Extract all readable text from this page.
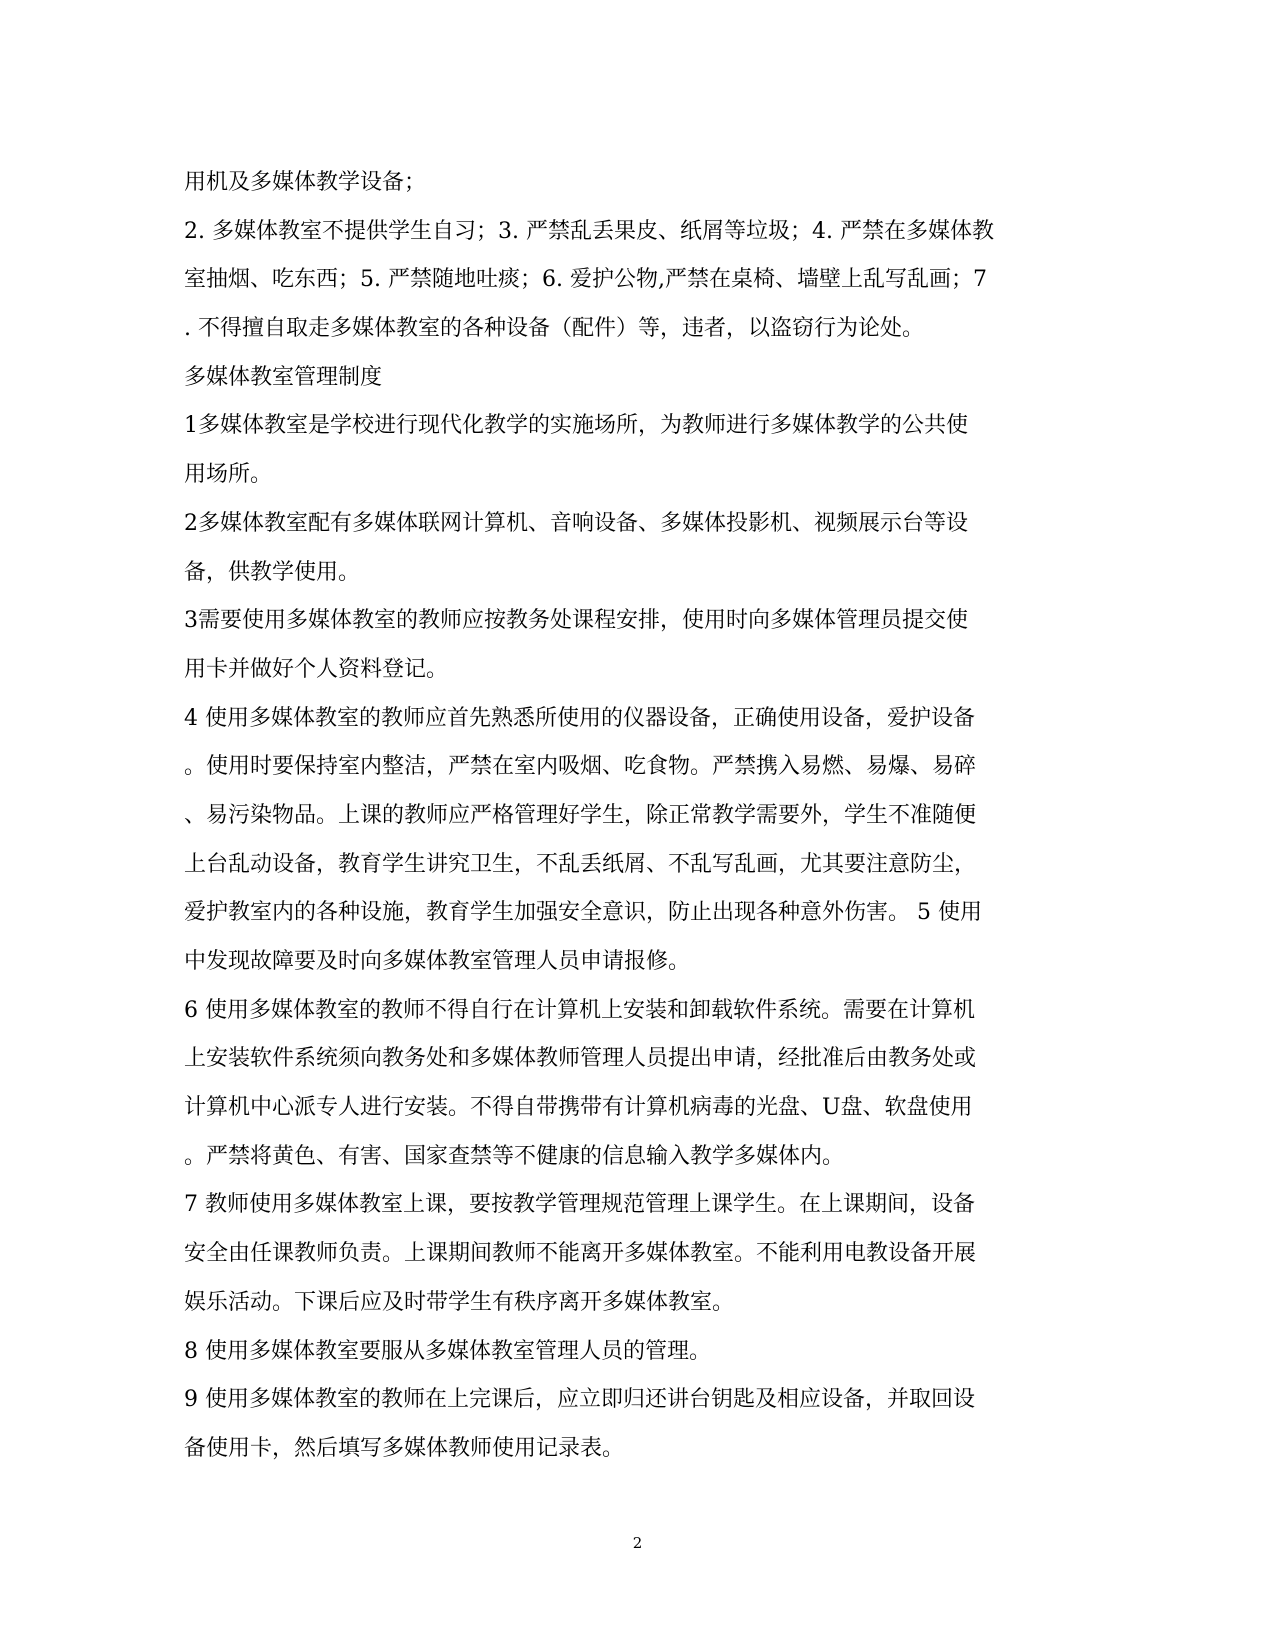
用机及多媒体教学设备；
2. 多媒体教室不提供学生自习；3. 严禁乱丢果皮、纸屑等垃圾；4. 严禁在多媒体教
室抽烟、吃东西；5. 严禁随地吐痰；6. 爱护公物,严禁在桌椅、墙壁上乱写乱画；7
. 不得擅自取走多媒体教室的各种设备（配件）等，违者，以盗窃行为论处。
多媒体教室管理制度
1多媒体教室是学校进行现代化教学的实施场所，为教师进行多媒体教学的公共使
用场所。
2多媒体教室配有多媒体联网计算机、音响设备、多媒体投影机、视频展示台等设
备，供教学使用。
3需要使用多媒体教室的教师应按教务处课程安排，使用时向多媒体管理员提交使
用卡并做好个人资料登记。
4 使用多媒体教室的教师应首先熟悉所使用的仪器设备，正确使用设备，爱护设备
。使用时要保持室内整洁，严禁在室内吸烟、吃食物。严禁携入易燃、易爆、易碎
、易污染物品。上课的教师应严格管理好学生，除正常教学需要外，学生不准随便
上台乱动设备，教育学生讲究卫生，不乱丢纸屑、不乱写乱画，尤其要注意防尘，
爱护教室内的各种设施，教育学生加强安全意识，防止出现各种意外伤害。 5 使用
中发现故障要及时向多媒体教室管理人员申请报修。
6 使用多媒体教室的教师不得自行在计算机上安装和卸载软件系统。需要在计算机
上安装软件系统须向教务处和多媒体教师管理人员提出申请，经批准后由教务处或
计算机中心派专人进行安装。不得自带携带有计算机病毒的光盘、U盘、软盘使用
。严禁将黄色、有害、国家查禁等不健康的信息输入教学多媒体内。
7 教师使用多媒体教室上课，要按教学管理规范管理上课学生。在上课期间，设备
安全由任课教师负责。上课期间教师不能离开多媒体教室。不能利用电教设备开展
娱乐活动。下课后应及时带学生有秩序离开多媒体教室。
8 使用多媒体教室要服从多媒体教室管理人员的管理。
9 使用多媒体教室的教师在上完课后，应立即归还讲台钥匙及相应设备，并取回设
备使用卡，然后填写多媒体教师使用记录表。
2
